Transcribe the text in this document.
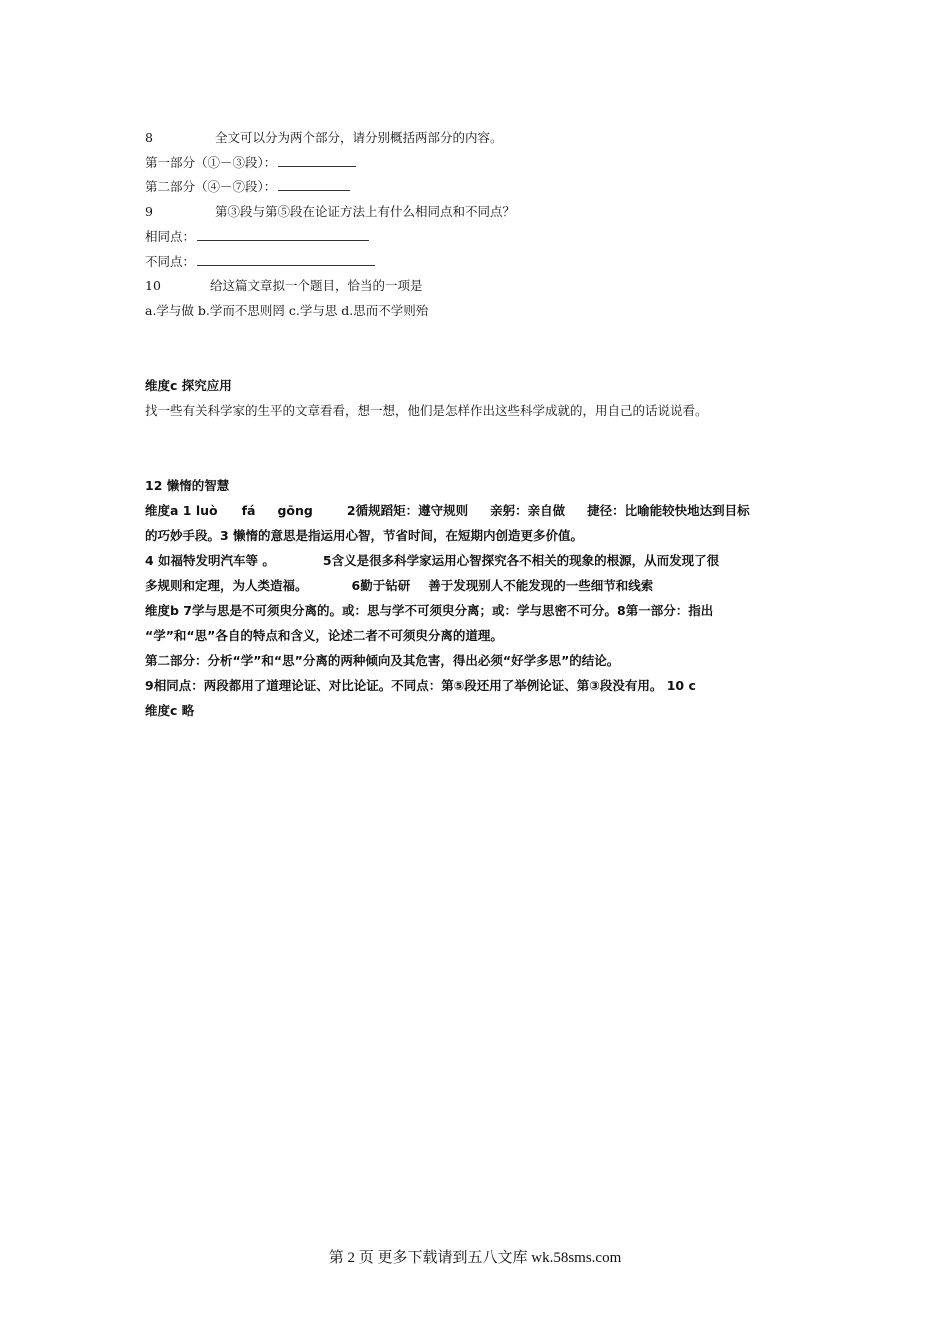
8	全文可以分为两个部分，请分别概括两部分的内容。
第一部分（①－③段）：
第二部分（④－⑦段）：
9	第③段与第⑤段在论证方法上有什么相同点和不同点？
相同点：
不同点：
10	给这篇文章拟一个题目，恰当的一项是
a.学与做 b.学而不思则罔 c.学与思 d.思而不学则殆
维度c 探究应用
找一些有关科学家的生平的文章看看，想一想，他们是怎样作出这些科学成就的，用自己的话说说看。
12 懒惰的智慧
维度a 1 luò fá gōng	2循规蹈矩：遵守规则 亲躬：亲自做 捷径：比喻能较快地达到目标
的巧妙手段。3 懒惰的意思是指运用心智，节省时间，在短期内创造更多价值。
4 如福特发明汽车等 。	5含义是很多科学家运用心智探究各不相关的现象的根源，从而发现了很
多规则和定理，为人类造福。	6勤于钻研 善于发现别人不能发现的一些细节和线索
维度b 7学与思是不可须臾分离的。或：思与学不可须臾分离；或：学与思密不可分。8第一部分：指出
“学”和“思”各自的特点和含义，论述二者不可须臾分离的道理。
第二部分：分析“学”和“思”分离的两种倾向及其危害，得出必须“好学多思”的结论。
9相同点：两段都用了道理论证、对比论证。不同点：第⑤段还用了举例论证、第③段没有用。 10 c
维度c 略
第 2 页 更多下载请到五八文库 wk.58sms.com
